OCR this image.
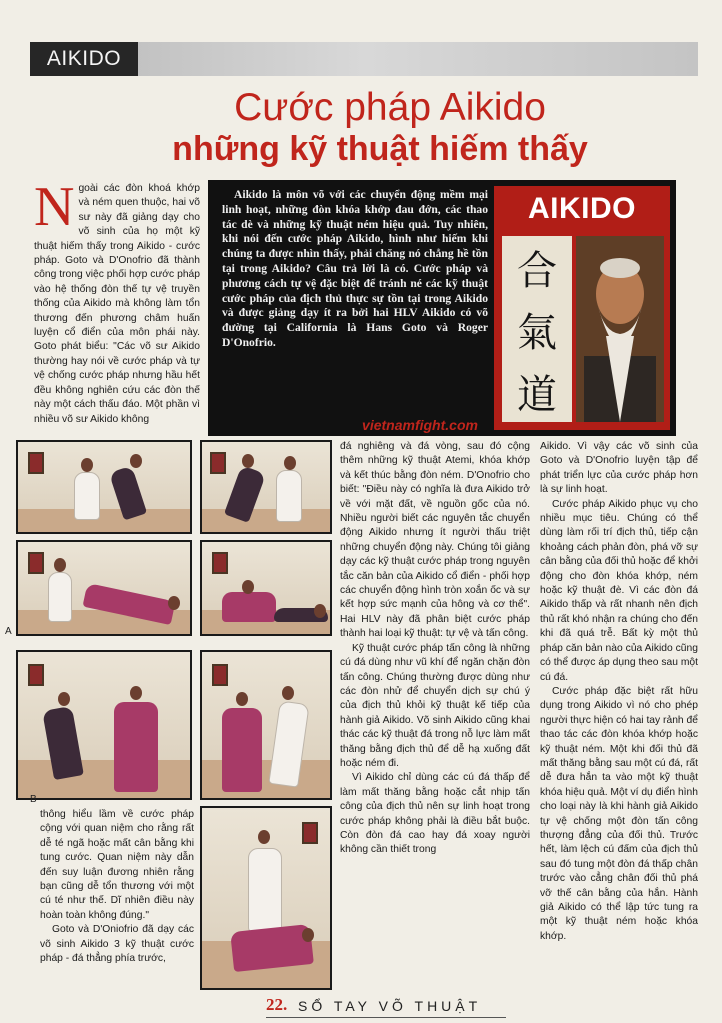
AIKIDO
Cước pháp Aikido
những kỹ thuật hiếm thấy
N goài các đòn khoá khớp và ném quen thuộc, hai võ sư này đã giảng dạy cho võ sinh của họ một kỹ thuật hiếm thấy trong Aikido - cước pháp. Goto và D'Onofrio đã thành công trong việc phối hợp cước pháp vào hệ thống đòn thế tự vệ truyền thống của Aikido mà không làm tổn thương đến phương châm huấn luyện cổ điển của môn phái này. Goto phát biểu: "Các võ sư Aikido thường hay nói về cước pháp và tự vệ chống cước pháp nhưng hầu hết đều không nghiên cứu các đòn thế này một cách thấu đáo. Một phần vì nhiều võ sư Aikido không

Aikido là môn võ với các chuyển động mềm mại linh hoạt, những đòn khóa khớp đau đớn, các thao tác dè và những kỹ thuật ném hiệu quả. Tuy nhiên, khi nói đến cước pháp Aikido, hình như hiếm khi chúng ta được nhìn thấy, phải chăng nó chẳng hề tồn tại trong Aikido? Câu trả lời là có. Cước pháp và phương cách tự vệ đặc biệt để tránh né các kỹ thuật cước pháp của địch thủ thực sự tồn tại trong Aikido và được giảng dạy ít ra bởi hai HLV Aikido có võ đường tại California là Hans Goto và Roger D'Onofrio.
AIKIDO
合
氣
道
vietnamfight.com
A
B

thông hiểu lầm về cước pháp cộng với quan niệm cho rằng rất dễ té ngã hoặc mất cân bằng khi tung cước. Quan niệm này dẫn đến suy luận đương nhiên rằng bạn cũng dễ tổn thương với một cú té như thế. Dĩ nhiên điều này hoàn toàn không đúng."

Goto và D'Oniofrio đã dạy các võ sinh Aikido 3 kỹ thuật cước pháp - đá thẳng phía trước,

đá nghiêng và đá vòng, sau đó cộng thêm những kỹ thuật Atemi, khóa khớp và kết thúc bằng đòn ném. D'Onofrio cho biết: "Điều này có nghĩa là đưa Aikido trở về với mặt đất, về nguồn gốc của nó. Nhiều người biết các nguyên tắc chuyển động Aikido nhưng ít người thấu triệt những chuyển động này. Chúng tôi giảng dạy các kỹ thuật cước pháp trong nguyên tắc căn bản của Aikido cổ điển - phối hợp các chuyển động hình tròn xoắn ốc và sự kết hợp sức mạnh của hông và cơ thể". Hai HLV này đã phân biệt cước pháp thành hai loại kỹ thuật: tự vệ và tấn công.

Kỹ thuật cước pháp tấn công là những cú đá dùng như vũ khí để ngăn chặn đòn tấn công. Chúng thường được dùng như các đòn nhử để chuyển dịch sự chú ý của địch thủ khỏi kỹ thuật kế tiếp của hành giả Aikido. Võ sinh Aikido cũng khai thác các kỹ thuật đá trong nỗ lực làm mất thăng bằng địch thủ để dễ hạ xuống đất hoặc ném đi.

Vì Aikido chỉ dùng các cú đá thấp để làm mất thăng bằng hoặc cắt nhịp tấn công của địch thủ nên sự linh hoạt trong cước pháp không phải là điều bắt buộc. Còn đòn đá cao hay đá xoay người không cần thiết trong

Aikido. Vì vậy các võ sinh của Goto và D'Onofrio luyện tập để phát triển lực của cước pháp hơn là sự linh hoạt.

Cước pháp Aikido phục vụ cho nhiều mục tiêu. Chúng có thể dùng làm rối trí địch thủ, tiếp cận khoảng cách phản đòn, phá vỡ sự cân bằng của đối thủ hoặc để khởi động cho đòn khóa khớp, ném hoặc kỹ thuật đè. Vì các đòn đá Aikido thấp và rất nhanh nên địch thủ rất khó nhận ra chúng cho đến khi đã quá trễ. Bất kỳ một thủ pháp căn bản nào của Aikido cũng có thể được áp dụng theo sau một cú đá.

Cước pháp đặc biệt rất hữu dụng trong Aikido vì nó cho phép người thực hiện có hai tay rảnh để thao tác các đòn khóa khớp hoặc kỹ thuật ném. Một khi đối thủ đã mất thăng bằng sau một cú đá, rất dễ đưa hắn ta vào một kỹ thuật khóa hiệu quả. Một ví dụ điển hình cho loại này là khi hành giả Aikido tự vệ chống một đòn tấn công thượng đẳng của đối thủ. Trước hết, làm lệch cú đấm của địch thủ sau đó tung một đòn đá thấp chân trước vào cẳng chân đối thủ phá vỡ thế cân bằng của hắn. Hành giả Aikido có thể lập tức tung ra một kỹ thuật ném hoặc khóa khớp.

22. SỔ TAY VÕ THUẬT
